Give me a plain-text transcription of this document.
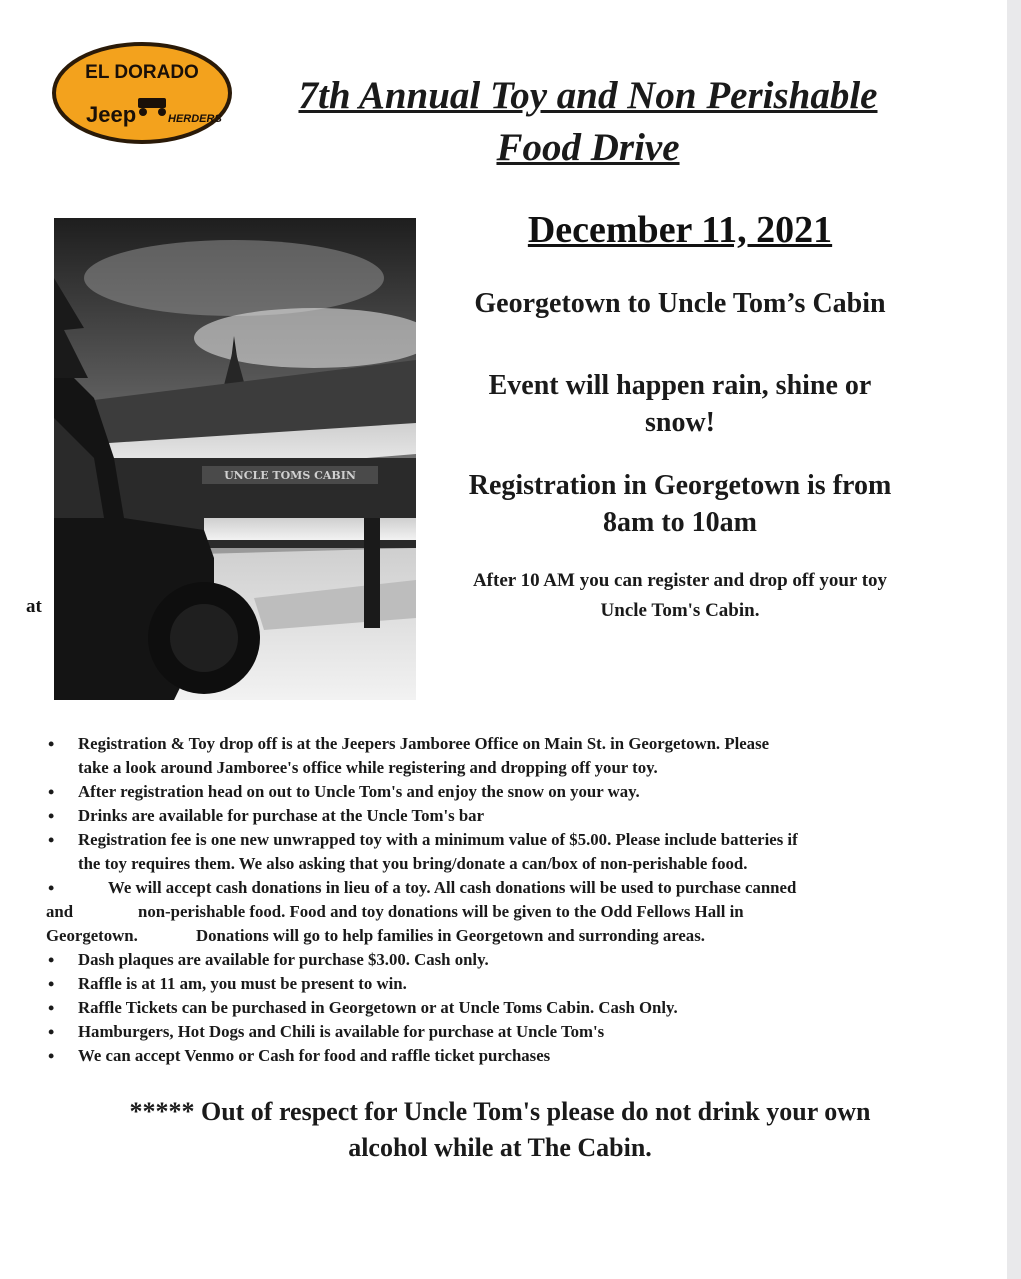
EL DORADO
Jeep	HERDERS
7th Annual Toy and Non Perishable
Food Drive
UNCLE TOMS CABIN
December 11, 2021
Georgetown to Uncle Tom’s Cabin
Event will happen rain, shine or
snow!
Registration in Georgetown is from
8am to 10am
After 10 AM you can register and drop off your toy
Uncle Tom's Cabin.
at
• Registration & Toy drop off is at the Jeepers Jamboree Office on Main St. in Georgetown. Please
take a look around Jamboree's office while registering and dropping off your toy.
• After registration head on out to Uncle Tom's and enjoy the snow on your way.
• Drinks are available for purchase at the Uncle Tom's bar
• Registration fee is one new unwrapped toy with a minimum value of $5.00. Please include batteries if
the toy requires them. We also asking that you bring/donate a can/box of non-perishable food.
• We will accept cash donations in lieu of a toy. All cash donations will be used to purchase canned
and	non-perishable food. Food and toy donations will be given to the Odd Fellows Hall in
Georgetown.	Donations will go to help families in Georgetown and surronding areas.
• Dash plaques are available for purchase $3.00. Cash only.
• Raffle is at 11 am, you must be present to win.
• Raffle Tickets can be purchased in Georgetown or at Uncle Toms Cabin. Cash Only.
• Hamburgers, Hot Dogs and Chili is available for purchase at Uncle Tom's
• We can accept Venmo or Cash for food and raffle ticket purchases
***** Out of respect for Uncle Tom's please do not drink your own
alcohol while at The Cabin.
